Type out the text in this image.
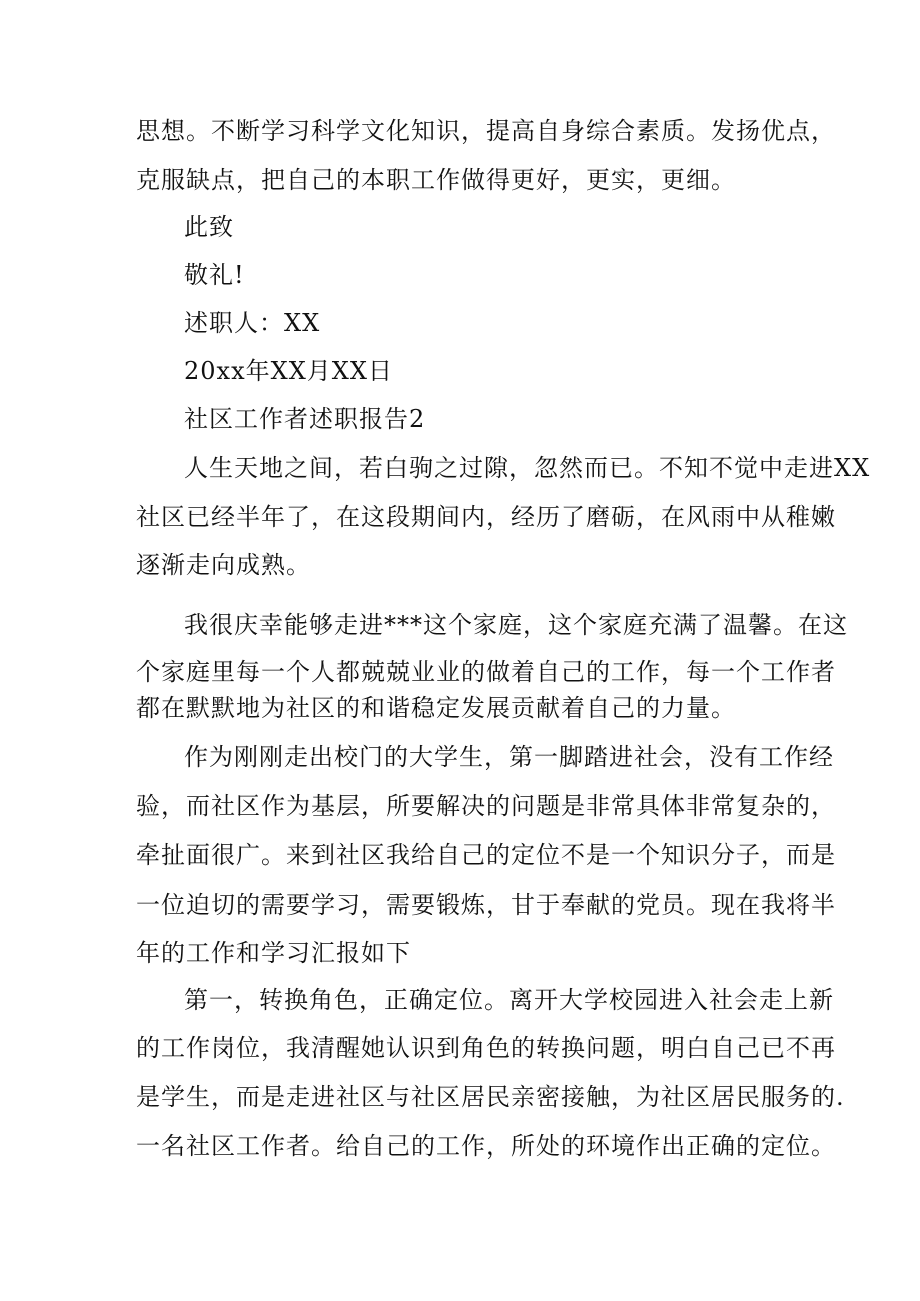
思想。不断学习科学文化知识，提高自身综合素质。发扬优点，
克服缺点，把自己的本职工作做得更好，更实，更细。
此致
敬礼!
述职人：XX
20xx年XX月XX日
社区工作者述职报告2
人生天地之间，若白驹之过隙，忽然而已。不知不觉中走进XX
社区已经半年了，在这段期间内，经历了磨砺，在风雨中从稚嫩
逐渐走向成熟。
我很庆幸能够走进***这个家庭，这个家庭充满了温馨。在这
个家庭里每一个人都兢兢业业的做着自己的工作，每一个工作者
都在默默地为社区的和谐稳定发展贡献着自己的力量。
作为刚刚走出校门的大学生，第一脚踏进社会，没有工作经
验，而社区作为基层，所要解决的问题是非常具体非常复杂的，
牵扯面很广。来到社区我给自己的定位不是一个知识分子，而是
一位迫切的需要学习，需要锻炼，甘于奉献的党员。现在我将半
年的工作和学习汇报如下
第一，转换角色，正确定位。离开大学校园进入社会走上新
的工作岗位，我清醒她认识到角色的转换问题，明白自己已不再
是学生，而是走进社区与社区居民亲密接触，为社区居民服务的.
一名社区工作者。给自己的工作，所处的环境作出正确的定位。
